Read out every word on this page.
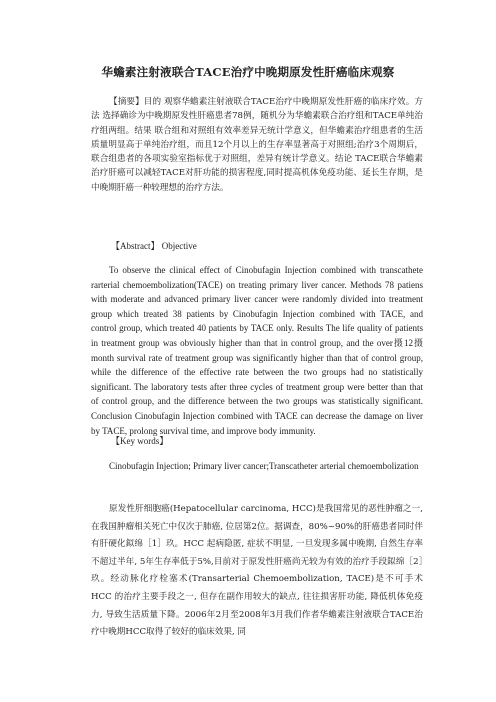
华蟾素注射液联合TACE治疗中晚期原发性肝癌临床观察
【摘要】目的 观察华蟾素注射液联合TACE治疗中晚期原发性肝癌的临床疗效。方法 选择确诊为中晚期原发性肝癌患者78例，随机分为华蟾素联合治疗组和TACE单纯治疗组两组。结果 联合组和对照组有效率差异无统计学意义，但华蟾素治疗组患者的生活质量明显高于单纯治疗组，而且12个月以上的生存率显著高于对照组;治疗3个周期后，联合组患者的各项实验室指标优于对照组，差异有统计学意义。结论 TACE联合华蟾素治疗肝癌可以减轻TACE对肝功能的损害程度,同时提高机体免疫功能、延长生存期，是中晚期肝癌一种较理想的治疗方法。
【Abstract】 Objective
To observe the clinical effect of Cinobufagin Injection combined with transcathete rarterial chemoembolization(TACE) on treating primary liver cancer. Methods 78 patiens with moderate and advanced primary liver cancer were randomly divided into treatment group which treated 38 patients by Cinobufagin Injection combined with TACE, and control group, which treated 40 patients by TACE only. Results The life quality of patients in treatment group was obviously higher than that in control group, and the over摄12摄month survival rate of treatment group was significantly higher than that of control group, while the difference of the effective rate between the two groups had no statistically significant. The laboratory tests after three cycles of treatment group were better than that of control group, and the difference between the two groups was statistically significant. Conclusion Cinobufagin Injection combined with TACE can decrease the damage on liver by TACE, prolong survival time, and improve body immunity.
【Key words】
Cinobufagin Injection; Primary liver cancer;Transcatheter arterial chemoembolization
原发性肝细胞癌(Hepatocellular carcinoma, HCC)是我国常见的恶性肿瘤之一,在我国肿瘤相关死亡中仅次于肺癌, 位居第2位。据调查，80%~90%的肝癌患者同时伴有肝硬化鉯绵［1］玖。HCC 起病隐匿, 症状不明显, 一旦发现多属中晚期, 自然生存率不超过半年, 5年生存率低于5%,目前对于原发性肝癌尚无较为有效的治疗手段鉯绵［2］玖。经动脉化疗栓塞术(Transarterial Chemoembolization, TACE)是不可手术 HCC 的治疗主要手段之一, 但存在副作用较大的缺点, 往往损害肝功能, 降低机体免疫力, 导致生活质量下降。2006年2月至2008年3月我们作者华蟾素注射液联合TACE治疗中晚期HCC取得了较好的临床效果, 同
